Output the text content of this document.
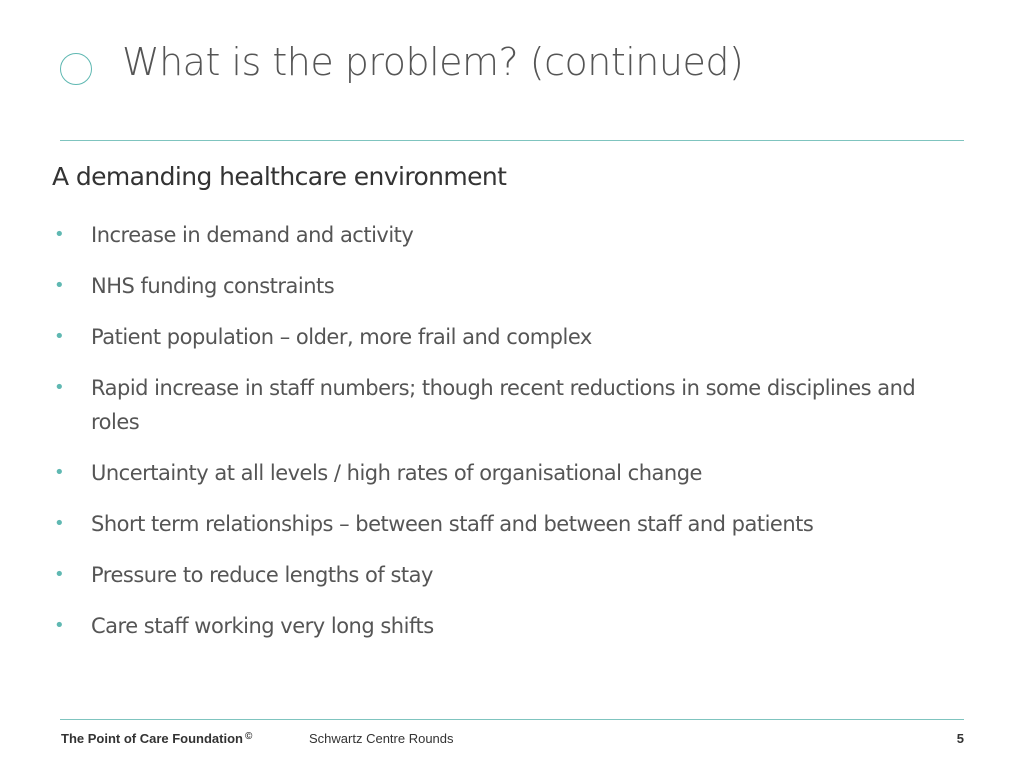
What is the problem? (continued)
A demanding healthcare environment
• Increase in demand and activity
• NHS funding constraints
• Patient population – older, more frail and complex
• Rapid increase in staff numbers; though recent reductions in some disciplines and roles
• Uncertainty at all levels / high rates of organisational change
• Short term relationships – between staff and between staff and patients
• Pressure to reduce lengths of stay
• Care staff working very long shifts
The Point of Care Foundation ©	Schwartz Centre Rounds	5
